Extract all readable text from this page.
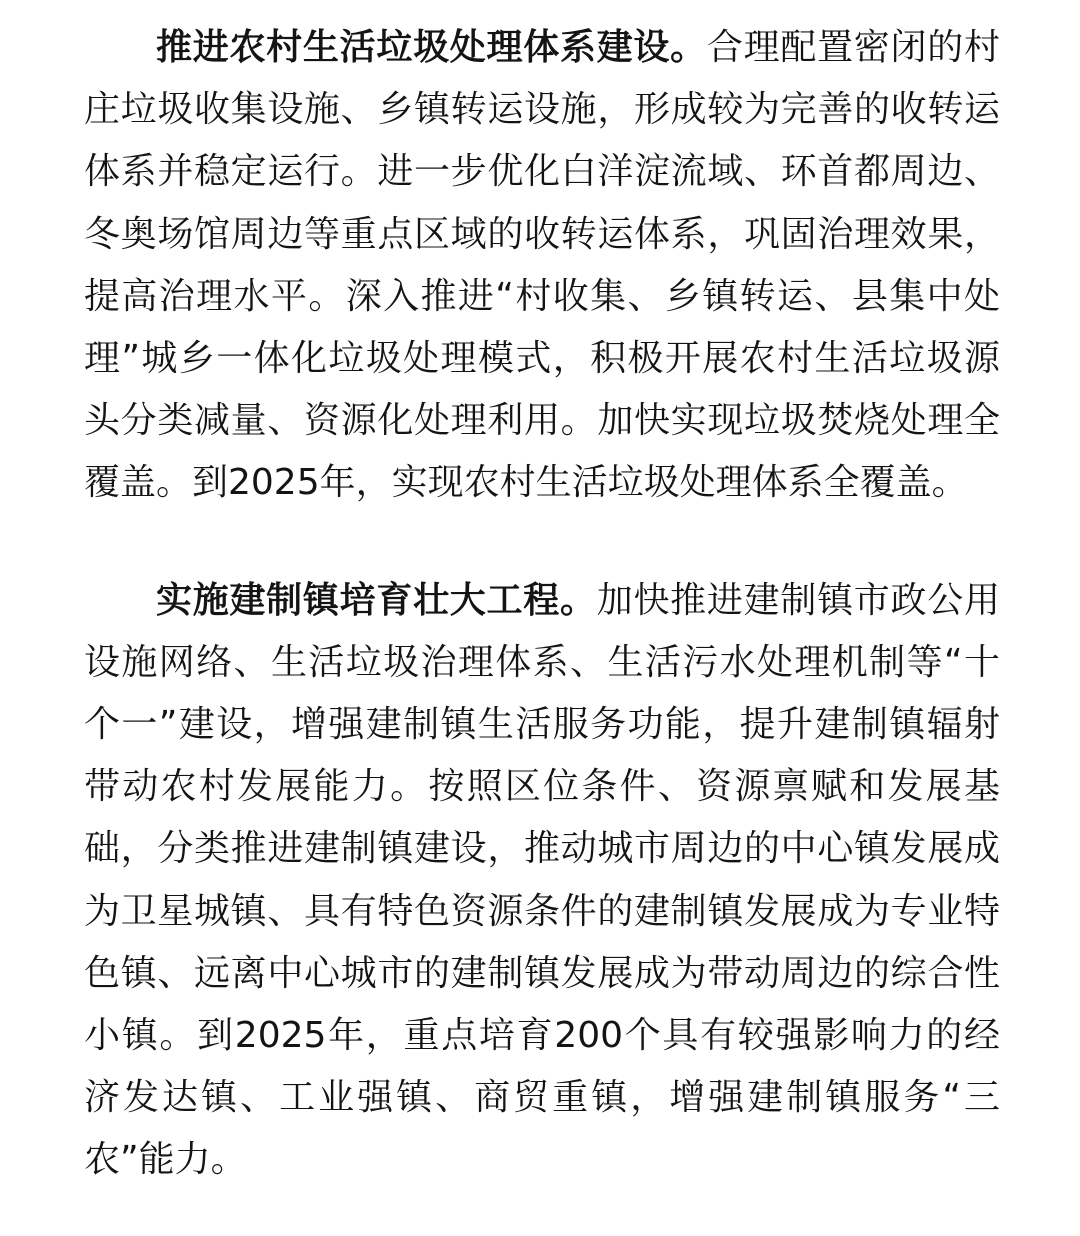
推进农村生活垃圾处理体系建设。合理配置密闭的村庄垃圾收集设施、乡镇转运设施，形成较为完善的收转运体系并稳定运行。进一步优化白洋淀流域、环首都周边、冬奥场馆周边等重点区域的收转运体系，巩固治理效果，提高治理水平。深入推进“村收集、乡镇转运、县集中处理”城乡一体化垃圾处理模式，积极开展农村生活垃圾源头分类减量、资源化处理利用。加快实现垃圾焚烧处理全覆盖。到2025年，实现农村生活垃圾处理体系全覆盖。

实施建制镇培育壮大工程。加快推进建制镇市政公用设施网络、生活垃圾治理体系、生活污水处理机制等“十个一”建设，增强建制镇生活服务功能，提升建制镇辐射带动农村发展能力。按照区位条件、资源禀赋和发展基础，分类推进建制镇建设，推动城市周边的中心镇发展成为卫星城镇、具有特色资源条件的建制镇发展成为专业特色镇、远离中心城市的建制镇发展成为带动周边的综合性小镇。到2025年，重点培育200个具有较强影响力的经济发达镇、工业强镇、商贸重镇，增强建制镇服务“三农”能力。
